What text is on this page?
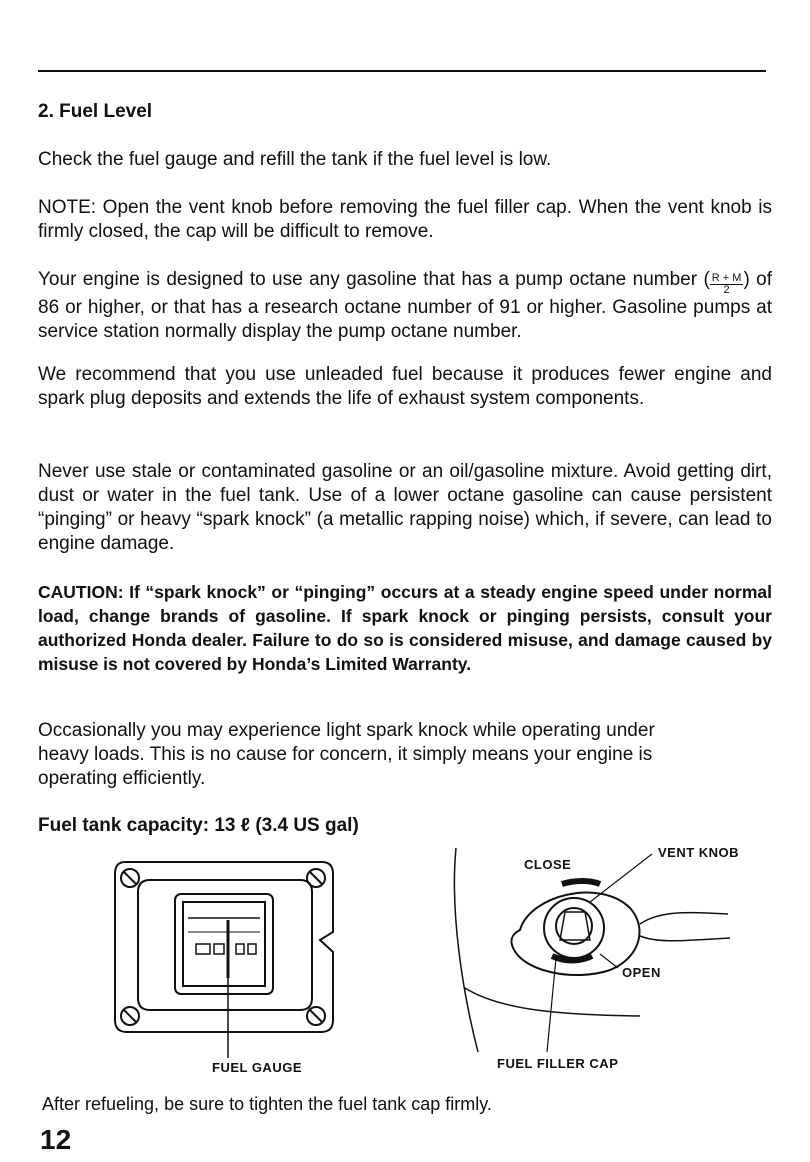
2. Fuel Level

Check the fuel gauge and refill the tank if the fuel level is low.

NOTE: Open the vent knob before removing the fuel filler cap. When the vent knob is firmly closed, the cap will be difficult to remove.

Your engine is designed to use any gasoline that has a pump octane number ( $\frac{R + M}{2}$ ) of 86 or higher, or that has a research octane number of 91 or higher. Gasoline pumps at service station normally display the pump octane number.

We recommend that you use unleaded fuel because it produces fewer engine and spark plug deposits and extends the life of exhaust system components.

Never use stale or contaminated gasoline or an oil/gasoline mixture. Avoid getting dirt, dust or water in the fuel tank. Use of a lower octane gasoline can cause persistent “pinging” or heavy “spark knock” (a metallic rapping noise) which, if severe, can lead to engine damage.

CAUTION: If “spark knock” or “pinging” occurs at a steady engine speed under normal load, change brands of gasoline. If spark knock or pinging persists, consult your authorized Honda dealer. Failure to do so is considered misuse, and damage caused by misuse is not covered by Honda’s Limited Warranty.

Occasionally you may experience light spark knock while operating under
heavy loads. This is no cause for concern, it simply means your engine is
operating efficiently.

Fuel tank capacity: 13 ℓ (3.4 US gal)
FUEL GAUGE
CLOSE
VENT KNOB
OPEN
FUEL FILLER CAP
After refueling, be sure to tighten the fuel tank cap firmly.
12
